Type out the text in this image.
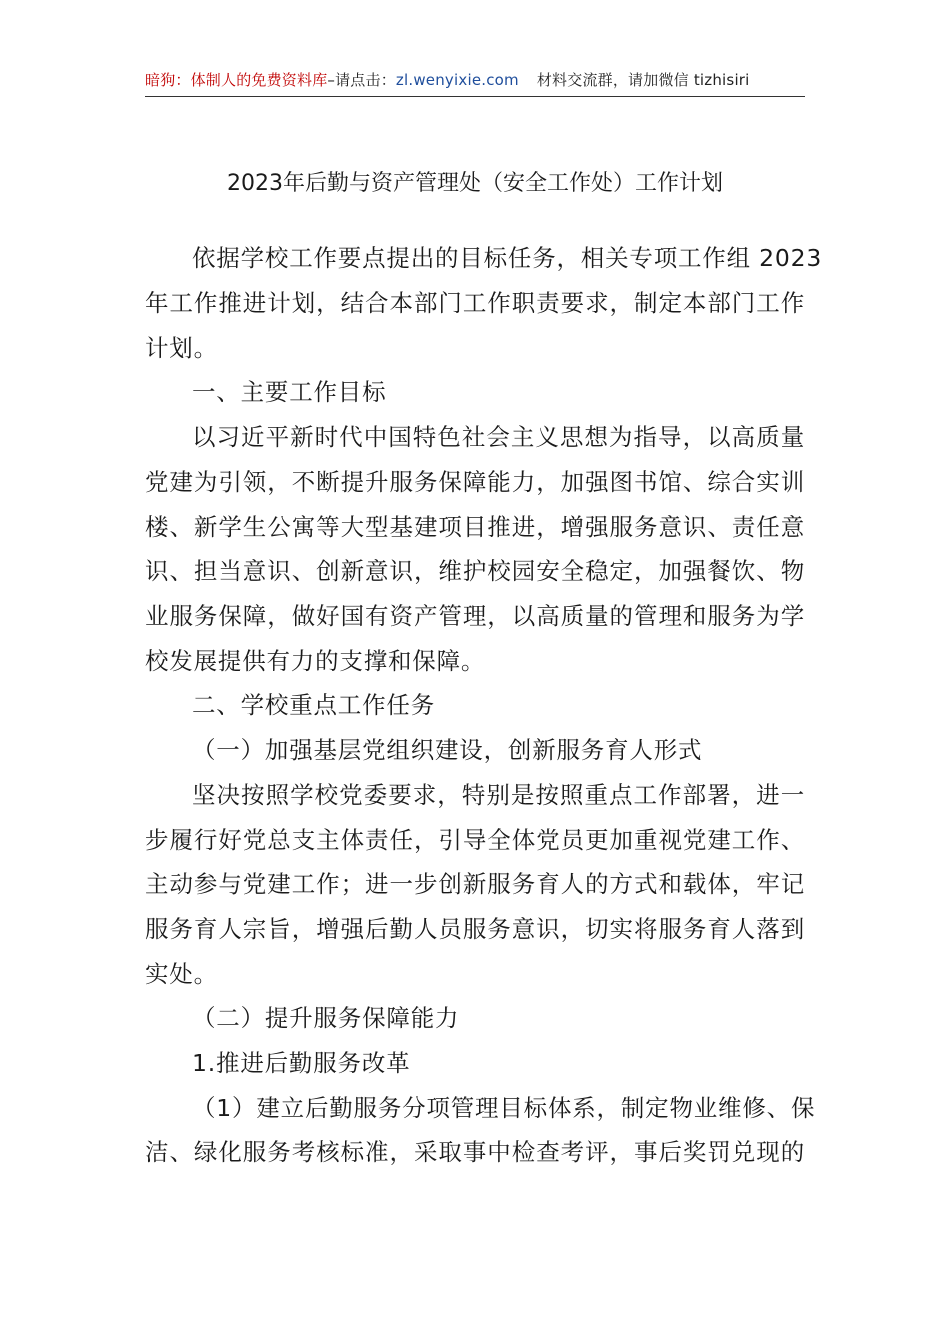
暗狗：体制人的免费资料库–请点击：zl.wenyixie.com 材料交流群，请加微信 tizhisiri
2023年后勤与资产管理处（安全工作处）工作计划
依据学校工作要点提出的目标任务，相关专项工作组 2023
年工作推进计划，结合本部门工作职责要求，制定本部门工作
计划。
一、主要工作目标
以习近平新时代中国特色社会主义思想为指导，以高质量
党建为引领，不断提升服务保障能力，加强图书馆、综合实训
楼、新学生公寓等大型基建项目推进，增强服务意识、责任意
识、担当意识、创新意识，维护校园安全稳定，加强餐饮、物
业服务保障，做好国有资产管理，以高质量的管理和服务为学
校发展提供有力的支撑和保障。
二、学校重点工作任务
（一）加强基层党组织建设，创新服务育人形式
坚决按照学校党委要求，特别是按照重点工作部署，进一
步履行好党总支主体责任，引导全体党员更加重视党建工作、
主动参与党建工作；进一步创新服务育人的方式和载体，牢记
服务育人宗旨，增强后勤人员服务意识，切实将服务育人落到
实处。
（二）提升服务保障能力
1.推进后勤服务改革
（1）建立后勤服务分项管理目标体系，制定物业维修、保
洁、绿化服务考核标准，采取事中检查考评，事后奖罚兑现的
